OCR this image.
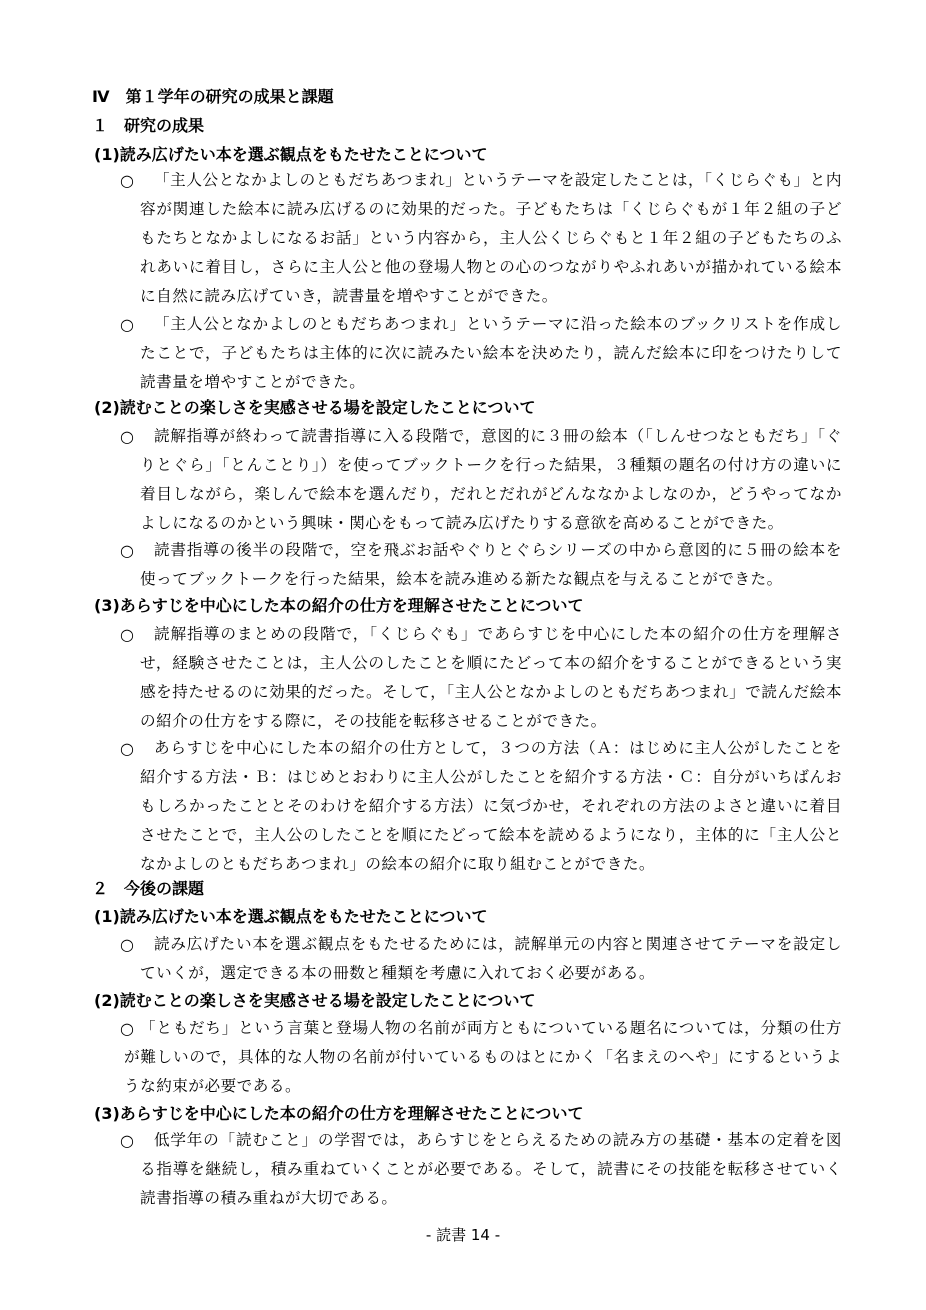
Ⅳ　第１学年の研究の成果と課題
１　研究の成果
(1)読み広げたい本を選ぶ観点をもたせたことについて
○	「主人公となかよしのともだちあつまれ」というテーマを設定したことは，「くじらぐも」と内容が関連した絵本に読み広げるのに効果的だった。子どもたちは「くじらぐもが１年２組の子どもたちとなかよしになるお話」という内容から，主人公くじらぐもと１年２組の子どもたちのふれあいに着目し，さらに主人公と他の登場人物との心のつながりやふれあいが描かれている絵本に自然に読み広げていき，読書量を増やすことができた。
○	「主人公となかよしのともだちあつまれ」というテーマに沿った絵本のブックリストを作成したことで，子どもたちは主体的に次に読みたい絵本を決めたり，読んだ絵本に印をつけたりして読書量を増やすことができた。
(2)読むことの楽しさを実感させる場を設定したことについて
○	読解指導が終わって読書指導に入る段階で，意図的に３冊の絵本（「しんせつなともだち」「ぐりとぐら」「とんことり」）を使ってブックトークを行った結果，３種類の題名の付け方の違いに着目しながら，楽しんで絵本を選んだり，だれとだれがどんななかよしなのか，どうやってなかよしになるのかという興味・関心をもって読み広げたりする意欲を高めることができた。
○	読書指導の後半の段階で，空を飛ぶお話やぐりとぐらシリーズの中から意図的に５冊の絵本を使ってブックトークを行った結果，絵本を読み進める新たな観点を与えることができた。
(3)あらすじを中心にした本の紹介の仕方を理解させたことについて
○	読解指導のまとめの段階で，「くじらぐも」であらすじを中心にした本の紹介の仕方を理解させ，経験させたことは，主人公のしたことを順にたどって本の紹介をすることができるという実感を持たせるのに効果的だった。そして，「主人公となかよしのともだちあつまれ」で読んだ絵本の紹介の仕方をする際に，その技能を転移させることができた。
○	あらすじを中心にした本の紹介の仕方として，３つの方法（Ａ：はじめに主人公がしたことを紹介する方法・Ｂ：はじめとおわりに主人公がしたことを紹介する方法・Ｃ：自分がいちばんおもしろかったこととそのわけを紹介する方法）に気づかせ，それぞれの方法のよさと違いに着目させたことで，主人公のしたことを順にたどって絵本を読めるようになり，主体的に「主人公となかよしのともだちあつまれ」の絵本の紹介に取り組むことができた。
２　今後の課題
(1)読み広げたい本を選ぶ観点をもたせたことについて
○	読み広げたい本を選ぶ観点をもたせるためには，読解単元の内容と関連させてテーマを設定していくが，選定できる本の冊数と種類を考慮に入れておく必要がある。
(2)読むことの楽しさを実感させる場を設定したことについて
○ 「ともだち」という言葉と登場人物の名前が両方ともについている題名については，分類の仕方が難しいので，具体的な人物の名前が付いているものはとにかく「名まえのへや」にするというような約束が必要である。
(3)あらすじを中心にした本の紹介の仕方を理解させたことについて
○	低学年の「読むこと」の学習では，あらすじをとらえるための読み方の基礎・基本の定着を図る指導を継続し，積み重ねていくことが必要である。そして，読書にその技能を転移させていく読書指導の積み重ねが大切である。
- 読書 14 -
